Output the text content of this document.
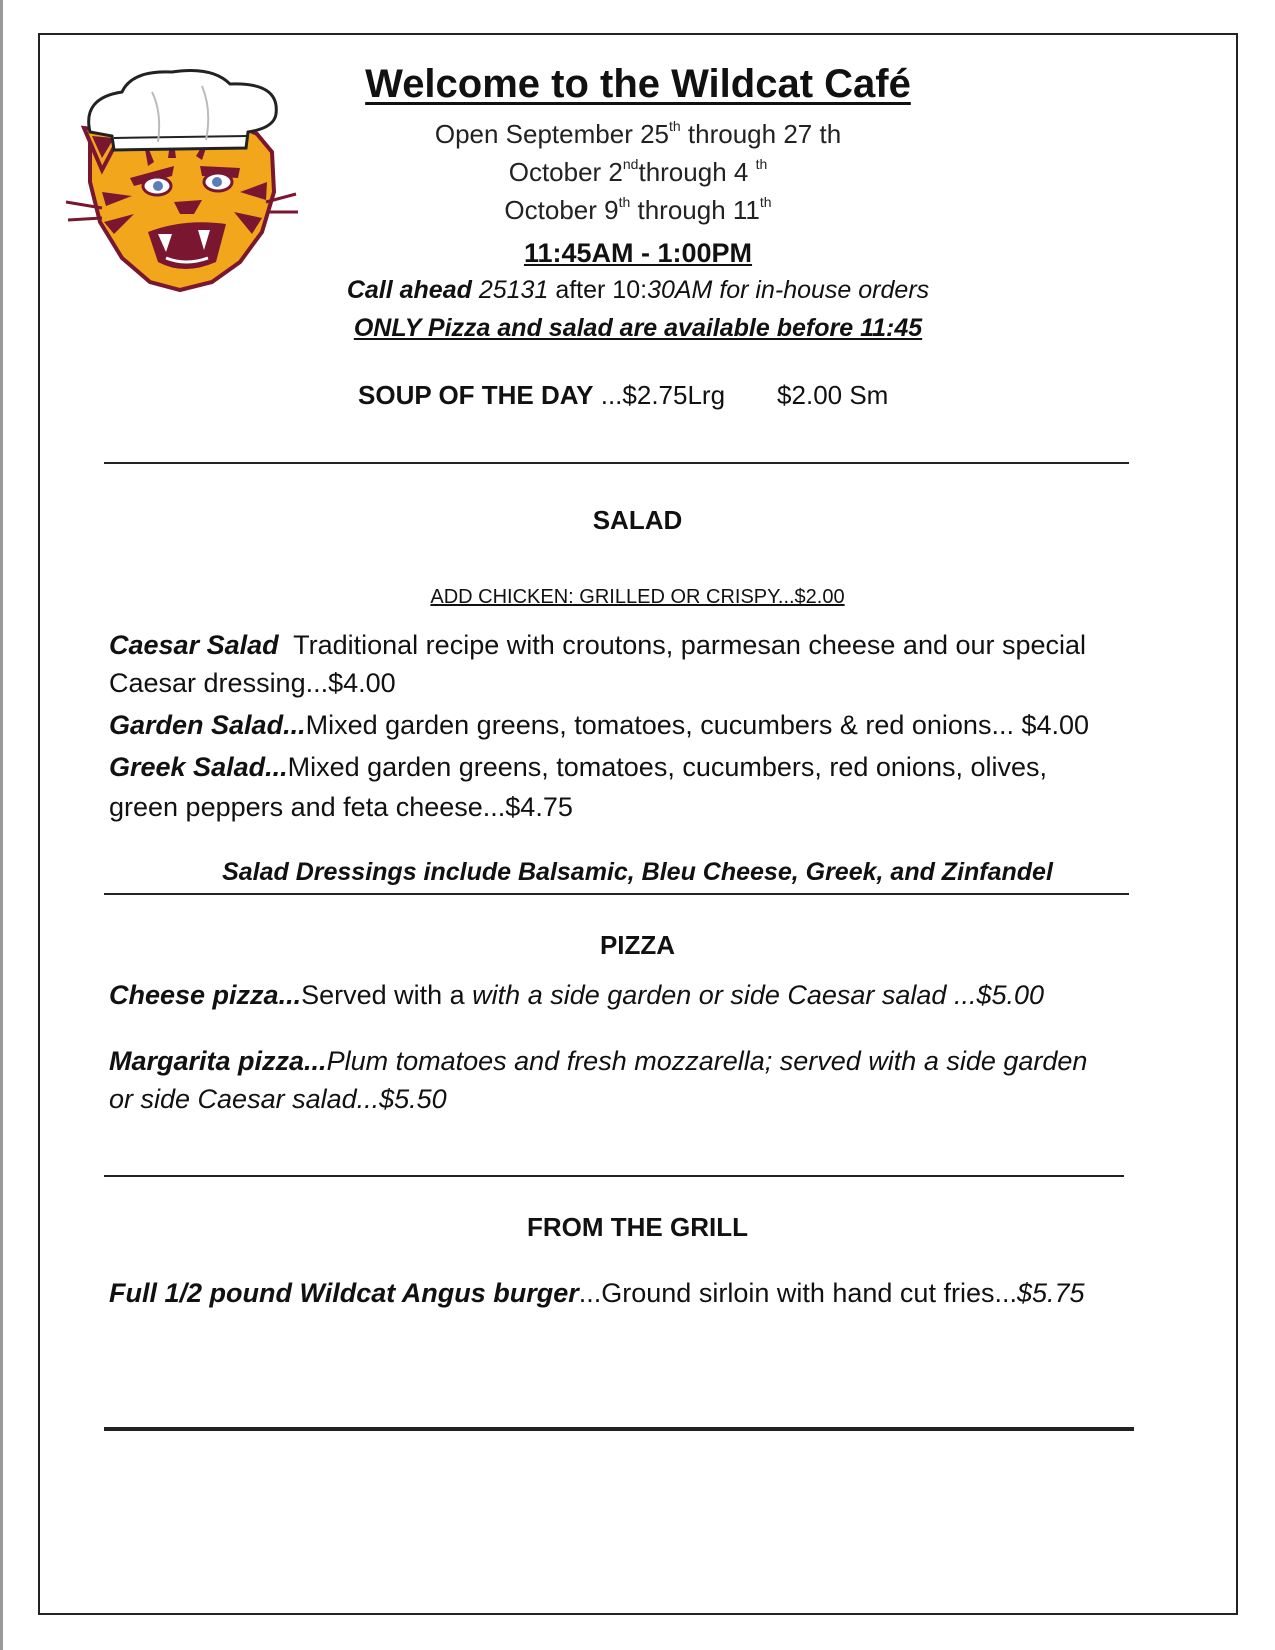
Welcome to the Wildcat Café
Open September 25th through 27 th
October 2ndthrough 4 $^{th}$
October 9th through 11th
11:45AM - 1:00PM
Call ahead 25131 after 10:30AM for in-house orders
ONLY Pizza and salad are available before 11:45
SOUP OF THE DAY ...$2.75Lrg $2.00 Sm
SALAD
ADD CHICKEN: GRILLED OR CRISPY...$2.00
Caesar Salad  Traditional recipe with croutons, parmesan cheese and our special
Caesar dressing...$4.00
Garden Salad...Mixed garden greens, tomatoes, cucumbers & red onions... $4.00
Greek Salad...Mixed garden greens, tomatoes, cucumbers, red onions, olives,
green peppers and feta cheese...$4.75
Salad Dressings include Balsamic, Bleu Cheese, Greek, and Zinfandel
PIZZA
Cheese pizza...Served with a with a side garden or side Caesar salad ...$5.00
Margarita pizza...Plum tomatoes and fresh mozzarella; served with a side garden
or side Caesar salad...$5.50
FROM THE GRILL
Full 1/2 pound Wildcat Angus burger...Ground sirloin with hand cut fries...$5.75
